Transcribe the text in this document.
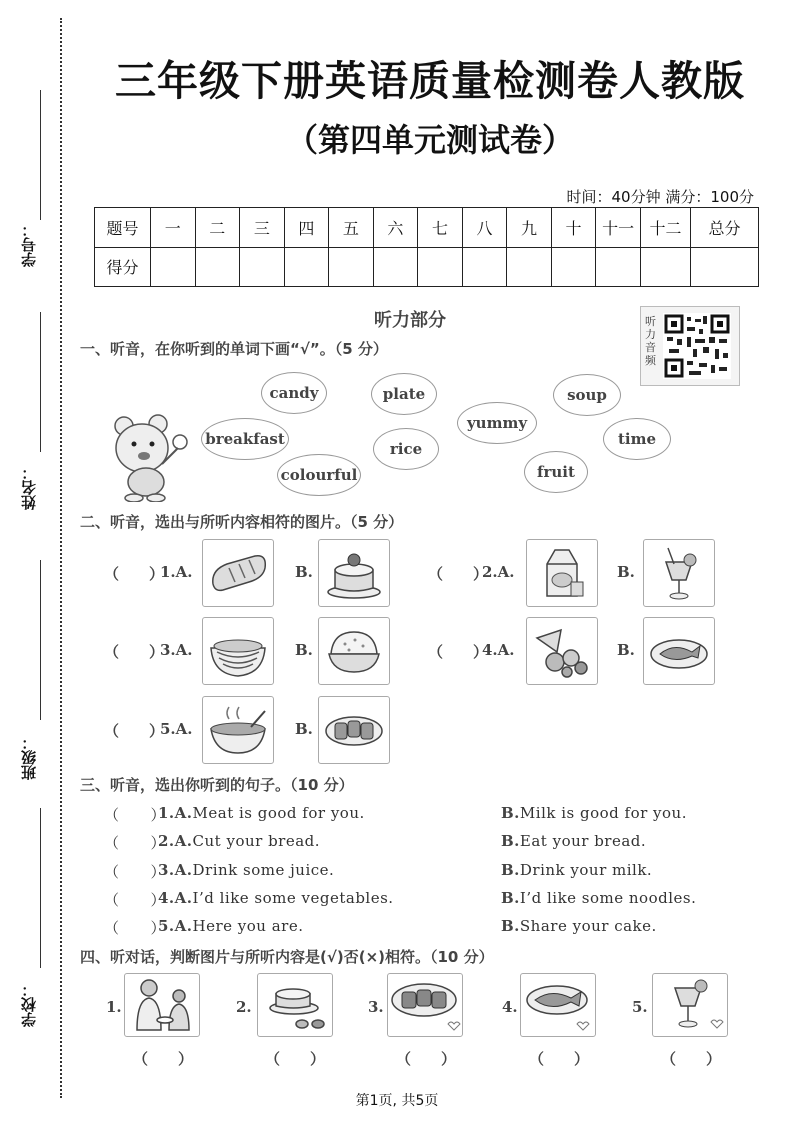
学号：
姓名：
班级：
学校：
三年级下册英语质量检测卷人教版
（第四单元测试卷）
时间：40分钟 满分：100分
题号	一	二	三	四	五	六	七	八	九	十	十一	十二	总分
得分													
听力部分	听力音频
一、听音，在你听到的单词下画“√”。（5 分）
candy	plate	soup
breakfast
yummy
time
rice
colourful	fruit
二、听音，选出与所听内容相符的图片。（5 分）
（　　）
1.A.	B.	（　　）
2.A.	B.
（　　）
3.A.	B.	（　　）
4.A.	B.
（　　）
5.A.	B.
三、听音，选出你听到的句子。（10 分）
（　　）
1.A.Meat is good for you.	B.Milk is good for you.
（　　）
2.A.Cut your bread.	B.Eat your bread.
（　　）
3.A.Drink some juice.	B.Drink your milk.
（　　）
4.A.I’d like some vegetables.	B.I’d like some noodles.
（　　）
5.A.Here you are.	B.Share your cake.
四、听对话，判断图片与所听内容是(√)否(×)相符。（10 分）
1.	2.	3.	4.	5.
（　　）	（　　）	（　　）	（　　）	（　　）
第1页, 共5页
